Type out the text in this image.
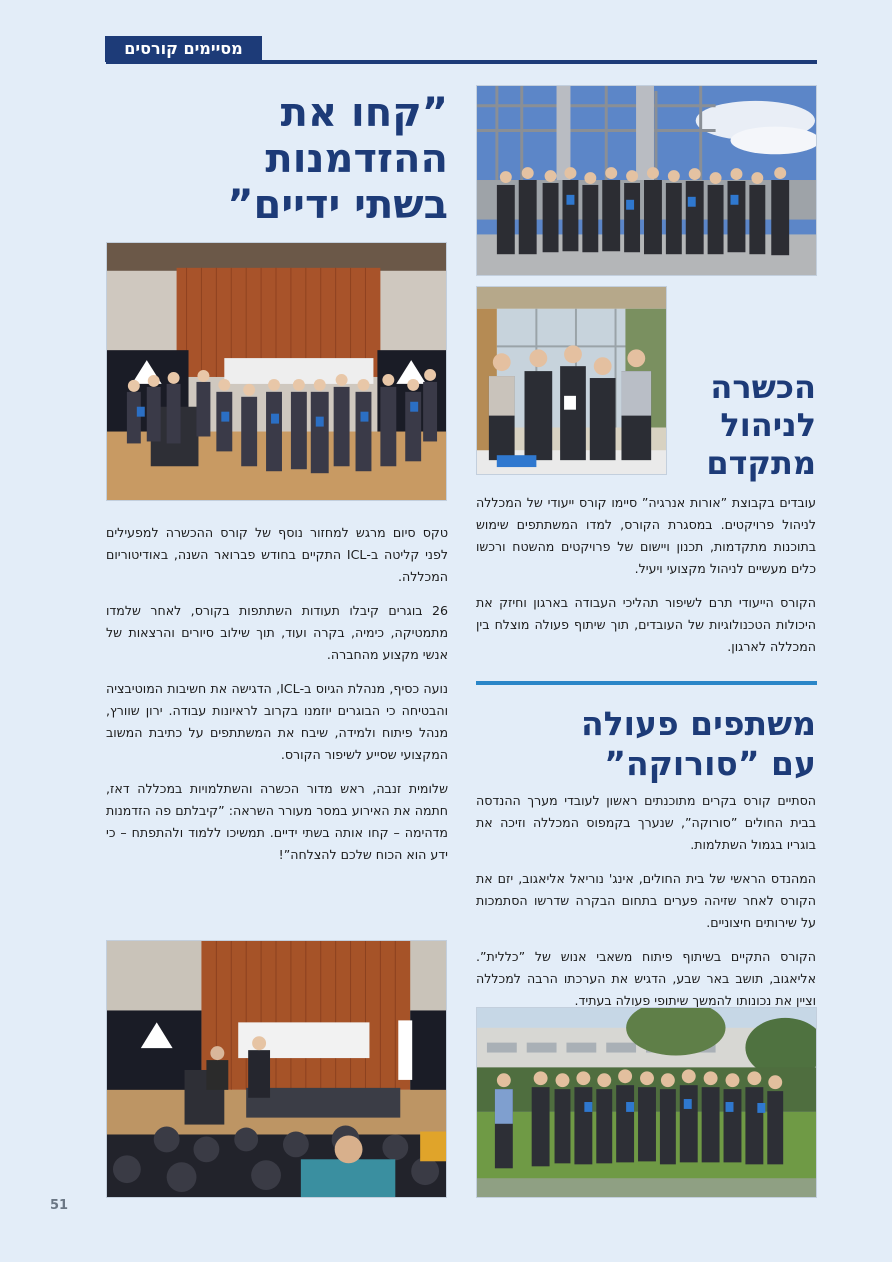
מסיימים קורסים
”קחו את
ההזדמנות
בשתי ידיים”

טקס סיום מרגש למחזור נוסף של קורס ההכשרה למפעילים לפני קליטה ב-ICL התקיים בחודש פברואר השנה, באודיטוריום המכללה.

26 בוגרים קיבלו תעודות השתתפות בקורס, לאחר שלמדו מתמטיקה, כימיה, בקרה ועוד, תוך שילוב סיורים והרצאות של אנשי מקצוע מהחברה.

נועה כסיף, מנהלת הגיוס ב-ICL, הדגישה את חשיבות המוטיבציה והבטיחה כי הבוגרים יוזמנו בקרוב לראיונות עבודה. ירון שוורץ, מנהל פיתוח ולמידה, שיבח את המשתתפים על כתיבת המשוב המקצועי שסייע לשיפור הקורס.

שלומית זנבה, ראש מדור הכשרה והשתלמויות במכללה דאז, חתמה את האירוע במסר מעורר השראה: ”קיבלתם פה הזדמנות מדהימה – קחו אותה בשתי ידיים. תמשיכו ללמוד ולהתפתח – כי ידע הוא הכוח שלכם להצלחה”!

הכשרה
לניהול
מתקדם

עובדים בקבוצת ”אורות אנרגיה” סיימו קורס ייעודי של המכללה לניהול פרויקטים. במסגרת הקורס, למדו המשתתפים שימוש בתוכנות מתקדמות, תכנון ויישום של פרויקטים מהשטח ורכשו כלים מעשיים לניהול מקצועי ויעיל.

הקורס הייעודי תרם לשיפור תהליכי העבודה בארגון וחיזק את היכולות הטכנולוגיות של העובדים, תוך שיתוף פעולה מוצלח בין המכללה לארגון.

משתפים פעולה
עם ”סורוקה”

הסתיים קורס בקרים מתוכנתים ראשון לעובדי מערך ההנדסה בבית החולים ”סורוקה”, שנערך בקמפוס המכללה וזיכה את בוגריו בגמול השתלמות.

המהנדס הראשי של בית החולים, אינג' נוריאל אליאגוב, יזם את הקורס לאחר שזיהה פערים בתחום הבקרה שדרשו הסתמכות על שירותים חיצוניים.

הקורס התקיים בשיתוף פיתוח משאבי אנוש של ”כללית”. אליאגוב, תושב באר שבע, הדגיש את הערכתו הרבה למכללה וציין את נכונותו להמשך שיתופי פעולה בעתיד.

51
